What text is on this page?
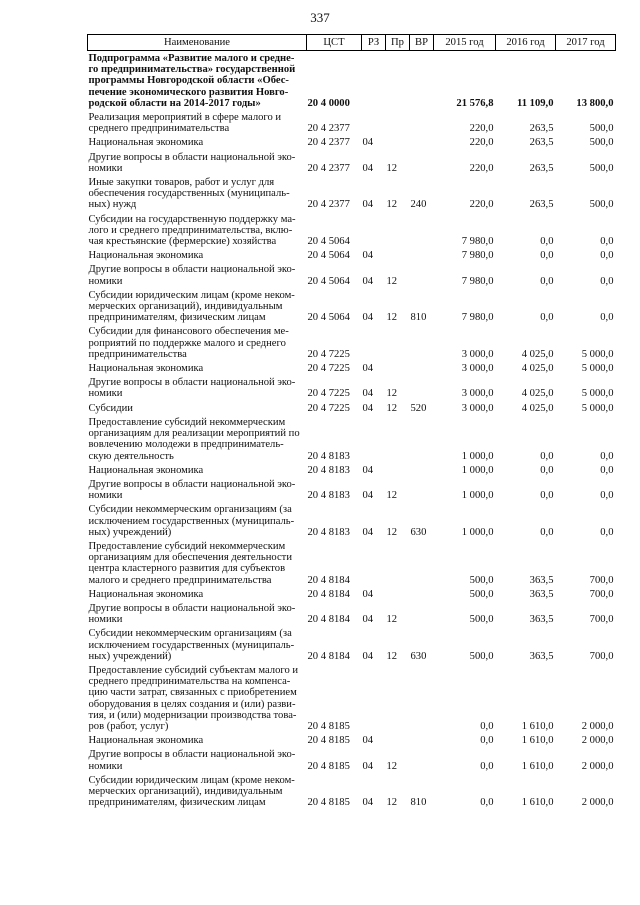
337
Наименование	ЦСТ	РЗ	Пр	ВР	2015 год	2016 год	2017 год
Подпрограмма «Развитие малого и средне-го предпринимательства» государственной программы Новгородской области «Обес-печение экономического развития Новго-родской области на 2014-2017 годы»	20 4 0000				21 576,8	11 109,0	13 800,0
Реализация мероприятий в сфере малого и среднего предпринимательства	20 4 2377				220,0	263,5	500,0
Национальная экономика	20 4 2377	04			220,0	263,5	500,0
Другие вопросы в области национальной эко-номики	20 4 2377	04	12		220,0	263,5	500,0
Иные закупки товаров, работ и услуг для обеспечения государственных (муниципаль-ных) нужд	20 4 2377	04	12	240	220,0	263,5	500,0
Субсидии на государственную поддержку ма-лого и среднего предпринимательства, вклю-чая крестьянские (фермерские) хозяйства	20 4 5064				7 980,0	0,0	0,0
Национальная экономика	20 4 5064	04			7 980,0	0,0	0,0
Другие вопросы в области национальной эко-номики	20 4 5064	04	12		7 980,0	0,0	0,0
Субсидии юридическим лицам (кроме неком-мерческих организаций), индивидуальным предпринимателям, физическим лицам	20 4 5064	04	12	810	7 980,0	0,0	0,0
Субсидии для финансового обеспечения ме-роприятий по поддержке малого и среднего предпринимательства	20 4 7225				3 000,0	4 025,0	5 000,0
Национальная экономика	20 4 7225	04			3 000,0	4 025,0	5 000,0
Другие вопросы в области национальной эко-номики	20 4 7225	04	12		3 000,0	4 025,0	5 000,0
Субсидии	20 4 7225	04	12	520	3 000,0	4 025,0	5 000,0
Предоставление субсидий некоммерческим организациям для реализации мероприятий по вовлечению молодежи в предприниматель-скую деятельность	20 4 8183				1 000,0	0,0	0,0
Национальная экономика	20 4 8183	04			1 000,0	0,0	0,0
Другие вопросы в области национальной эко-номики	20 4 8183	04	12		1 000,0	0,0	0,0
Субсидии некоммерческим организациям (за исключением государственных (муниципаль-ных) учреждений)	20 4 8183	04	12	630	1 000,0	0,0	0,0
Предоставление субсидий некоммерческим организациям для обеспечения деятельности центра кластерного развития для субъектов малого и среднего предпринимательства	20 4 8184				500,0	363,5	700,0
Национальная экономика	20 4 8184	04			500,0	363,5	700,0
Другие вопросы в области национальной эко-номики	20 4 8184	04	12		500,0	363,5	700,0
Субсидии некоммерческим организациям (за исключением государственных (муниципаль-ных) учреждений)	20 4 8184	04	12	630	500,0	363,5	700,0
Предоставление субсидий субъектам малого и среднего предпринимательства на компенса-цию части затрат, связанных с приобретением оборудования в целях создания и (или) разви-тия, и (или) модернизации производства това-ров (работ, услуг)	20 4 8185				0,0	1 610,0	2 000,0
Национальная экономика	20 4 8185	04			0,0	1 610,0	2 000,0
Другие вопросы в области национальной эко-номики	20 4 8185	04	12		0,0	1 610,0	2 000,0
Субсидии юридическим лицам (кроме неком-мерческих организаций), индивидуальным предпринимателям, физическим лицам	20 4 8185	04	12	810	0,0	1 610,0	2 000,0
